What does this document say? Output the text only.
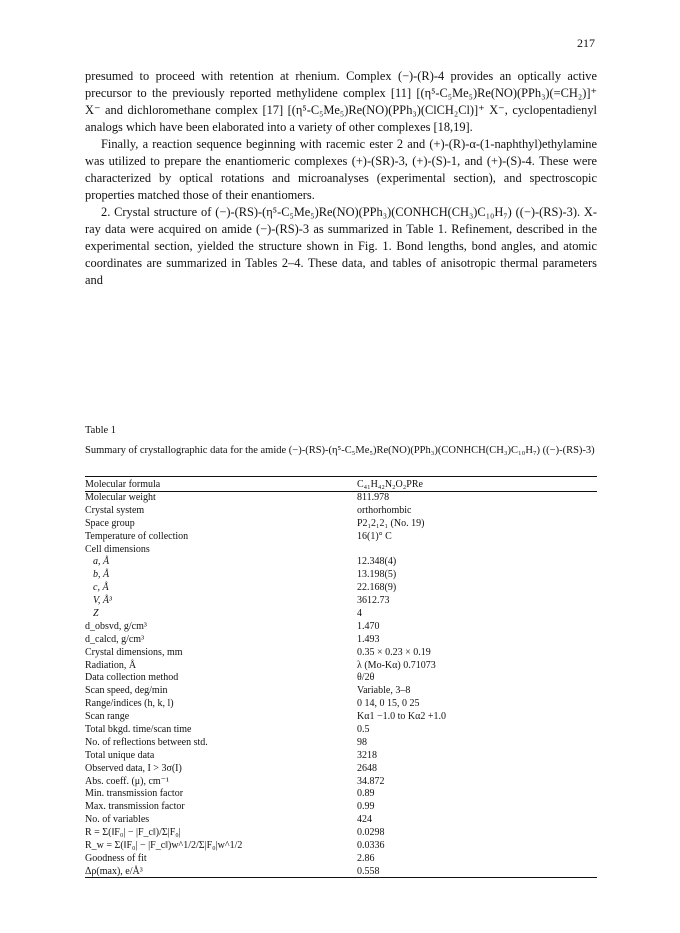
217

presumed to proceed with retention at rhenium. Complex (−)-(R)-4 provides an optically active precursor to the previously reported methylidene complex [11] [(η⁵-C₅Me₅)Re(NO)(PPh₃)(=CH₂)]⁺ X⁻ and dichloromethane complex [17] [(η⁵-C₅Me₅)Re(NO)(PPh₃)(ClCH₂Cl)]⁺ X⁻, cyclopentadienyl analogs which have been elaborated into a variety of other complexes [18,19].

Finally, a reaction sequence beginning with racemic ester 2 and (+)-(R)-α-(1-naphthyl)ethylamine was utilized to prepare the enantiomeric complexes (+)-(SR)-3, (+)-(S)-1, and (+)-(S)-4. These were characterized by optical rotations and microanalyses (experimental section), and spectroscopic properties matched those of their enantiomers.

2. Crystal structure of (−)-(RS)-(η⁵-C₅Me₅)Re(NO)(PPh₃)(CONHCH(CH₃)C₁₀H₇) ((−)-(RS)-3). X-ray data were acquired on amide (−)-(RS)-3 as summarized in Table 1. Refinement, described in the experimental section, yielded the structure shown in Fig. 1. Bond lengths, bond angles, and atomic coordinates are summarized in Tables 2–4. These data, and tables of anisotropic thermal parameters and

Table 1
Summary of crystallographic data for the amide (−)-(RS)-(η⁵-C₅Me₅)Re(NO)(PPh₃)(CONHCH(CH₃)C₁₀H₇) ((−)-(RS)-3)
Molecular formula	C₄₁H₄₂N₂O₂PRe
Molecular weight	811.978
Crystal system	orthorhombic
Space group	P2₁2₁2₁ (No. 19)
Temperature of collection	16(1)° C
Cell dimensions
a, Å	12.348(4)
b, Å	13.198(5)
c, Å	22.168(9)
V, Å³	3612.73
Z	4
d_obsvd, g/cm³	1.470
d_calcd, g/cm³	1.493
Crystal dimensions, mm	0.35 × 0.23 × 0.19
Radiation, Å	λ (Mo-Kα) 0.71073
Data collection method	θ/2θ
Scan speed, deg/min	Variable, 3–8
Range/indices (h, k, l)	0 14, 0 15, 0 25
Scan range	Kα1 −1.0 to Kα2 +1.0
Total bkgd. time/scan time	0.5
No. of reflections between std.	98
Total unique data	3218
Observed data, I > 3σ(I)	2648
Abs. coeff. (μ), cm⁻¹	34.872
Min. transmission factor	0.89
Max. transmission factor	0.99
No. of variables	424
R = Σ(‖F₀| − |F_c‖)/Σ|F₀|	0.0298
R_w = Σ(‖F₀| − |F_c‖)w^1/2/Σ|F₀|w^1/2	0.0336
Goodness of fit	2.86
Δρ(max), e/Å³	0.558
